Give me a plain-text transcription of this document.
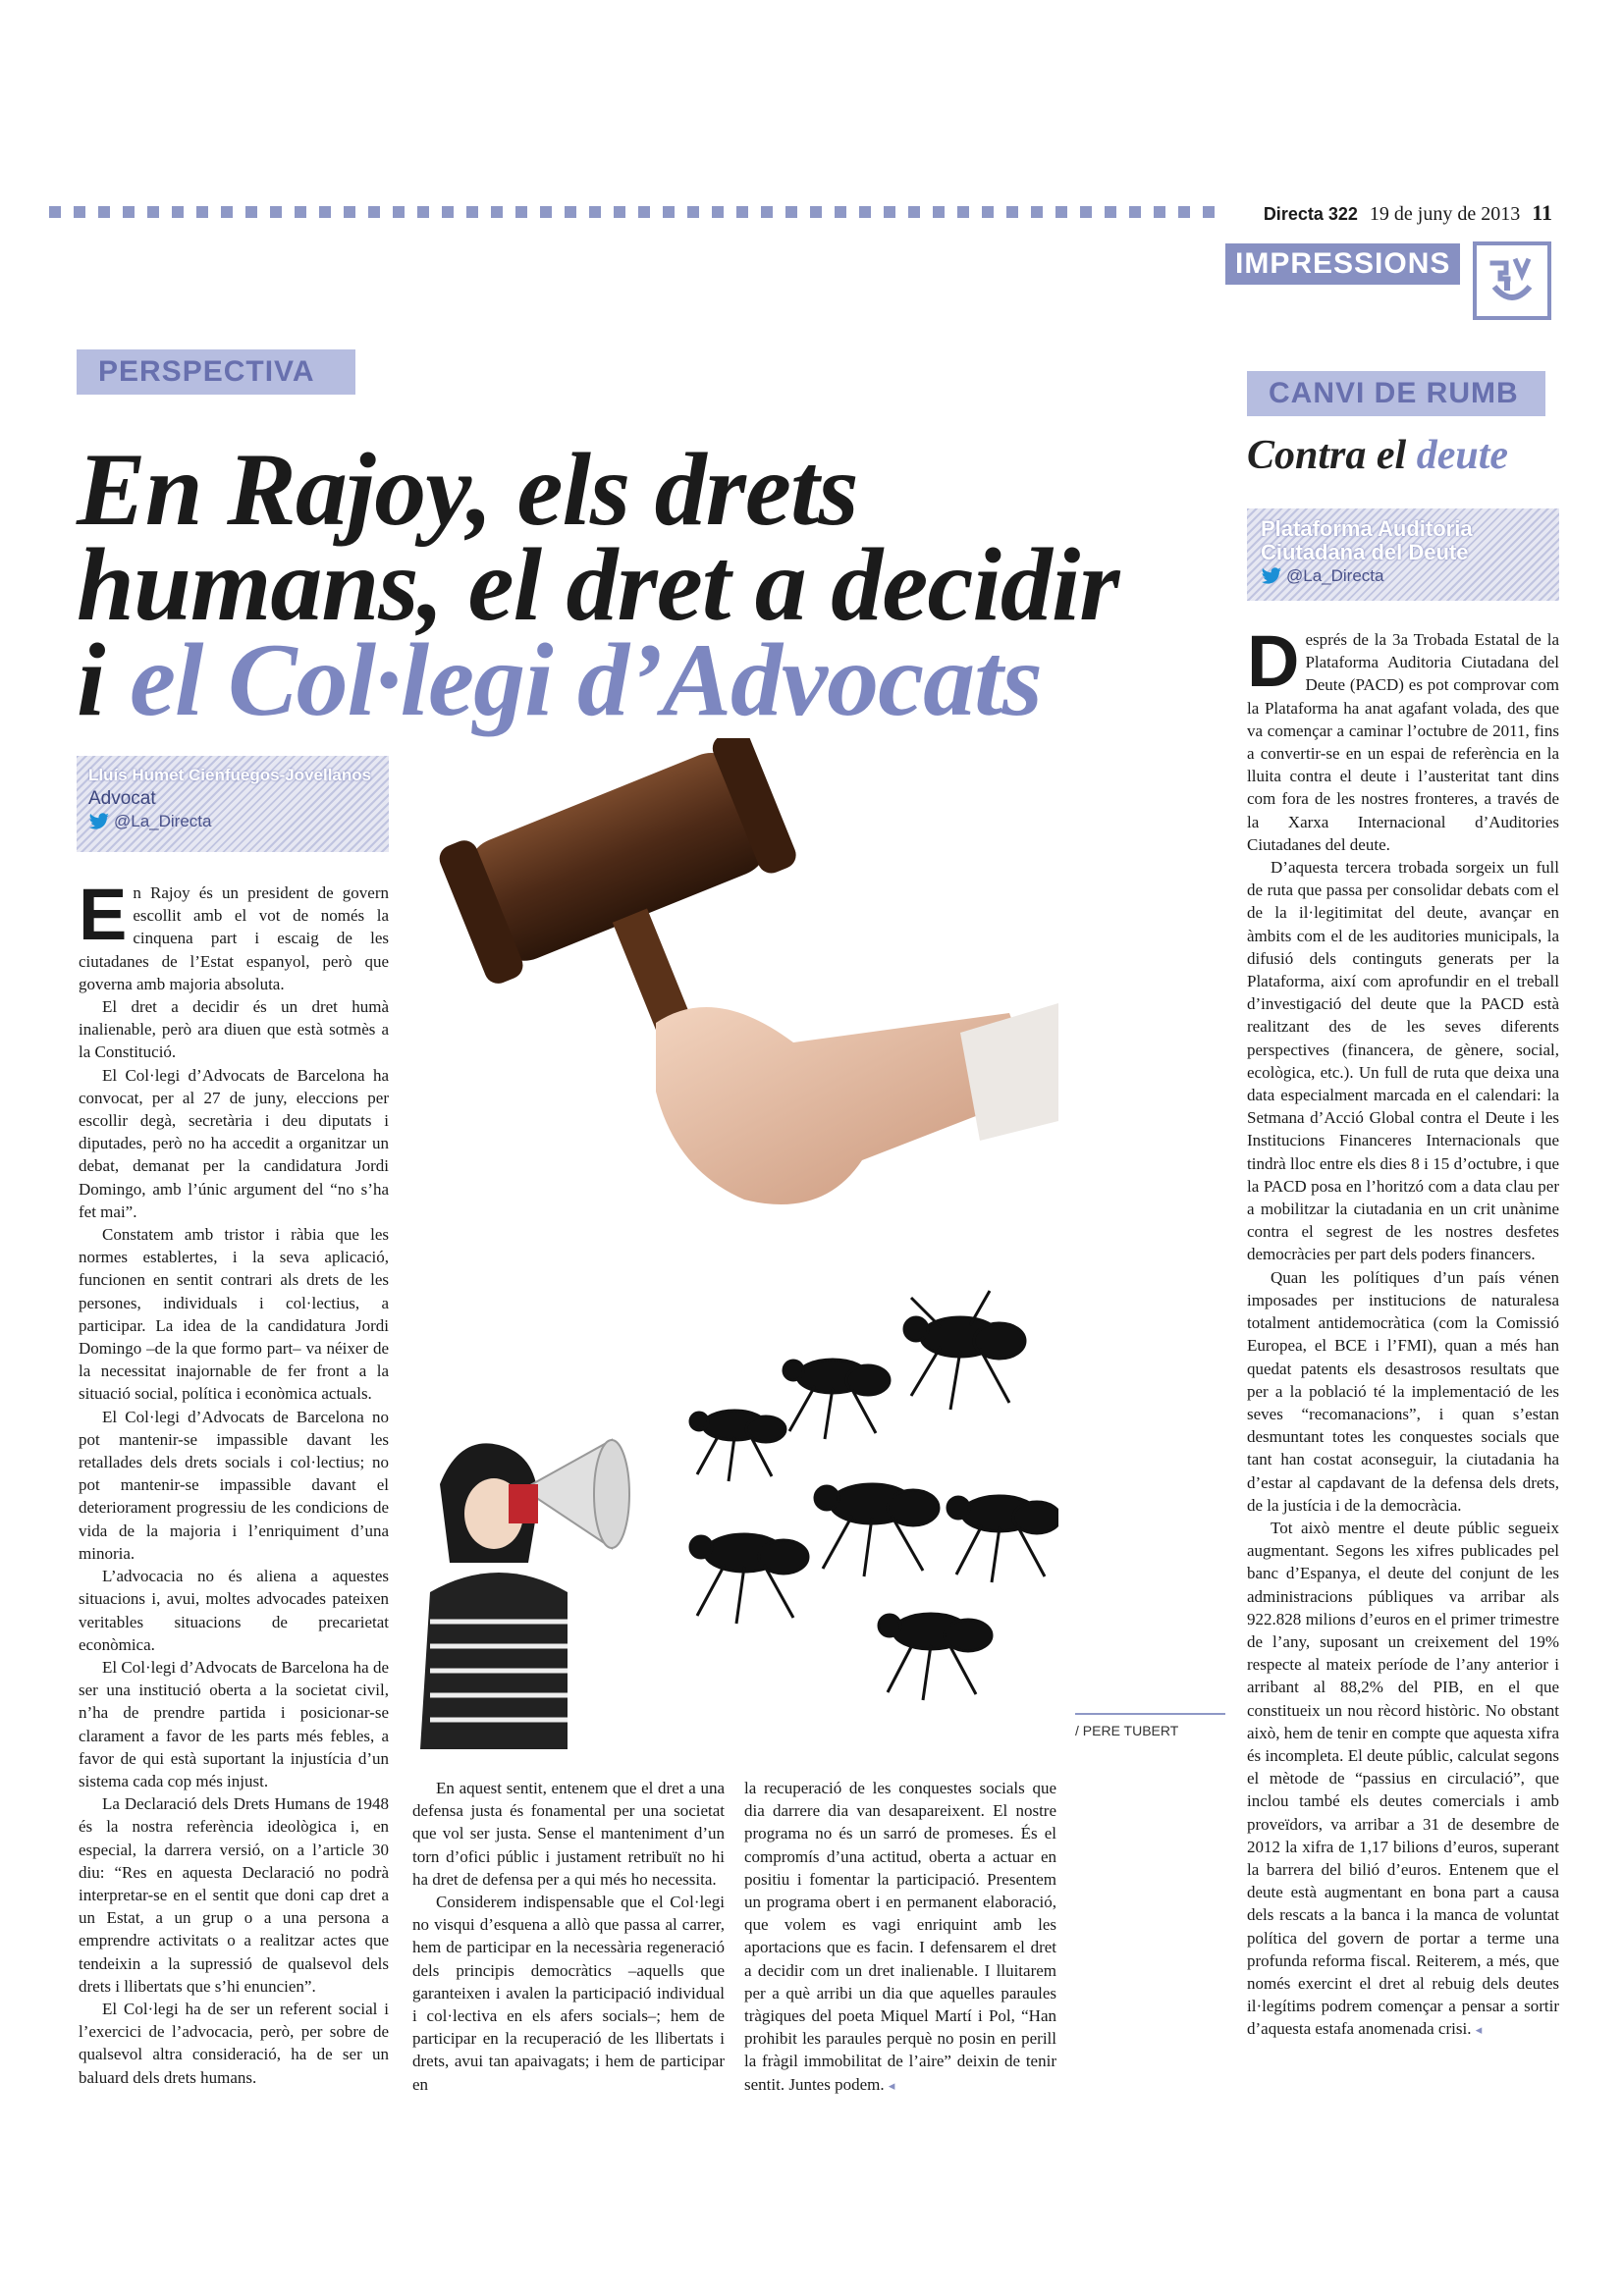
Directa 322 19 de juny de 2013 11
IMPRESSIONS
PERSPECTIVA
En Rajoy, els drets
humans, el dret a decidir
i el Col·legi d’Advocats
Lluís Humet Cienfuegos-Jovellanos
Advocat
@La_Directa
/ PERE TUBERT
E n Rajoy és un president de govern escollit amb el vot de només la cinquena part i escaig de les ciutadanes de l’Estat espanyol, però que governa amb majoria absoluta.

El dret a decidir és un dret humà inalienable, però ara diuen que està sotmès a la Constitució.

El Col·legi d’Advocats de Barcelona ha convocat, per al 27 de juny, eleccions per escollir degà, secretària i deu diputats i diputades, però no ha accedit a organitzar un debat, demanat per la candidatura Jordi Domingo, amb l’únic argument del “no s’ha fet mai”.

Constatem amb tristor i ràbia que les normes establertes, i la seva aplicació, funcionen en sentit contrari als drets de les persones, individuals i col·lectius, a participar. La idea de la candidatura Jordi Domingo –de la que formo part– va néixer de la necessitat inajornable de fer front a la situació social, política i econòmica actuals.

El Col·legi d’Advocats de Barcelona no pot mantenir-se impassible davant les retallades dels drets socials i col·lectius; no pot mantenir-se impassible davant el deteriorament progressiu de les condicions de vida de la majoria i l’enriquiment d’una minoria.

L’advocacia no és aliena a aquestes situacions i, avui, moltes advocades pateixen veritables situacions de precarietat econòmica.

El Col·legi d’Advocats de Barcelona ha de ser una institució oberta a la societat civil, n’ha de prendre partida i posicionar-se clarament a favor de les parts més febles, a favor de qui està suportant la injustícia d’un sistema cada cop més injust.

La Declaració dels Drets Humans de 1948 és la nostra referència ideològica i, en especial, la darrera versió, on a l’article 30 diu: “Res en aquesta Declaració no podrà interpretar-se en el sentit que doni cap dret a un Estat, a un grup o a una persona a emprendre activitats o a realitzar actes que tendeixin a la supressió de qualsevol dels drets i llibertats que s’hi enuncien”.

El Col·legi ha de ser un referent social i l’exercici de l’advocacia, però, per sobre de qualsevol altra consideració, ha de ser un baluard dels drets humans.

En aquest sentit, entenem que el dret a una defensa justa és fonamental per una societat que vol ser justa. Sense el manteniment d’un torn d’ofici públic i justament retribuït no hi ha dret de defensa per a qui més ho necessita.

Considerem indispensable que el Col·legi no visqui d’esquena a allò que passa al carrer, hem de participar en la necessària regeneració dels principis democràtics –aquells que garanteixen i avalen la participació individual i col·lectiva en els afers socials–; hem de participar en la recuperació de les llibertats i drets, avui tan apaivagats; i hem de participar en

la recuperació de les conquestes socials que dia darrere dia van desapareixent. El nostre programa no és un sarró de promeses. És el compromís d’una actitud, oberta a actuar en positiu i fomentar la participació. Presentem un programa obert i en permanent elaboració, que volem es vagi enriquint amb les aportacions que es facin. I defensarem el dret a decidir com un dret inalienable. I lluitarem per a què arribi un dia que aquelles paraules tràgiques del poeta Miquel Martí i Pol, “Han prohibit les paraules perquè no posin en perill la fràgil immobilitat de l’aire” deixin de tenir sentit. Juntes podem. ◂

CANVI DE RUMB
Contra el deute
Plataforma Auditoria Ciutadana del Deute
@La_Directa
D esprés de la 3a Trobada Estatal de la Plataforma Auditoria Ciutadana del Deute (PACD) es pot comprovar com la Plataforma ha anat agafant volada, des que va començar a caminar l’octubre de 2011, fins a convertir-se en un espai de referència en la lluita contra el deute i l’austeritat tant dins com fora de les nostres fronteres, a través de la Xarxa Internacional d’Auditories Ciutadanes del deute.

D’aquesta tercera trobada sorgeix un full de ruta que passa per consolidar debats com el de la il·legitimitat del deute, avançar en àmbits com el de les auditories municipals, la difusió dels continguts generats per la Plataforma, així com aprofundir en el treball d’investigació del deute que la PACD està realitzant des de les seves diferents perspectives (financera, de gènere, social, ecològica, etc.). Un full de ruta que deixa una data especialment marcada en el calendari: la Setmana d’Acció Global contra el Deute i les Institucions Financeres Internacionals que tindrà lloc entre els dies 8 i 15 d’octubre, i que la PACD posa en l’horitzó com a data clau per a mobilitzar la ciutadania en un crit unànime contra el segrest de les nostres desfetes democràcies per part dels poders financers.

Quan les polítiques d’un país vénen imposades per institucions de naturalesa totalment antidemocràtica (com la Comissió Europea, el BCE i l’FMI), quan a més han quedat patents els desastrosos resultats que per a la població té la implementació de les seves “recomanacions”, i quan s’estan desmuntant totes les conquestes socials que tant han costat aconseguir, la ciutadania ha d’estar al capdavant de la defensa dels drets, de la justícia i de la democràcia.

Tot això mentre el deute públic segueix augmentant. Segons les xifres publicades pel banc d’Espanya, el deute del conjunt de les administracions públiques va arribar als 922.828 milions d’euros en el primer trimestre de l’any, suposant un creixement del 19% respecte al mateix període de l’any anterior i arribant al 88,2% del PIB, en el que constitueix un nou rècord històric. No obstant això, hem de tenir en compte que aquesta xifra és incompleta. El deute públic, calculat segons el mètode de “passius en circulació”, que inclou també els deutes comercials i amb proveïdors, va arribar a 31 de desembre de 2012 la xifra de 1,17 bilions d’euros, superant la barrera del bilió d’euros. Entenem que el deute està augmentant en bona part a causa dels rescats a la banca i la manca de voluntat política del govern de portar a terme una profunda reforma fiscal. Reiterem, a més, que només exercint el dret al rebuig dels deutes il·legítims podrem començar a pensar a sortir d’aquesta estafa anomenada crisi. ◂
